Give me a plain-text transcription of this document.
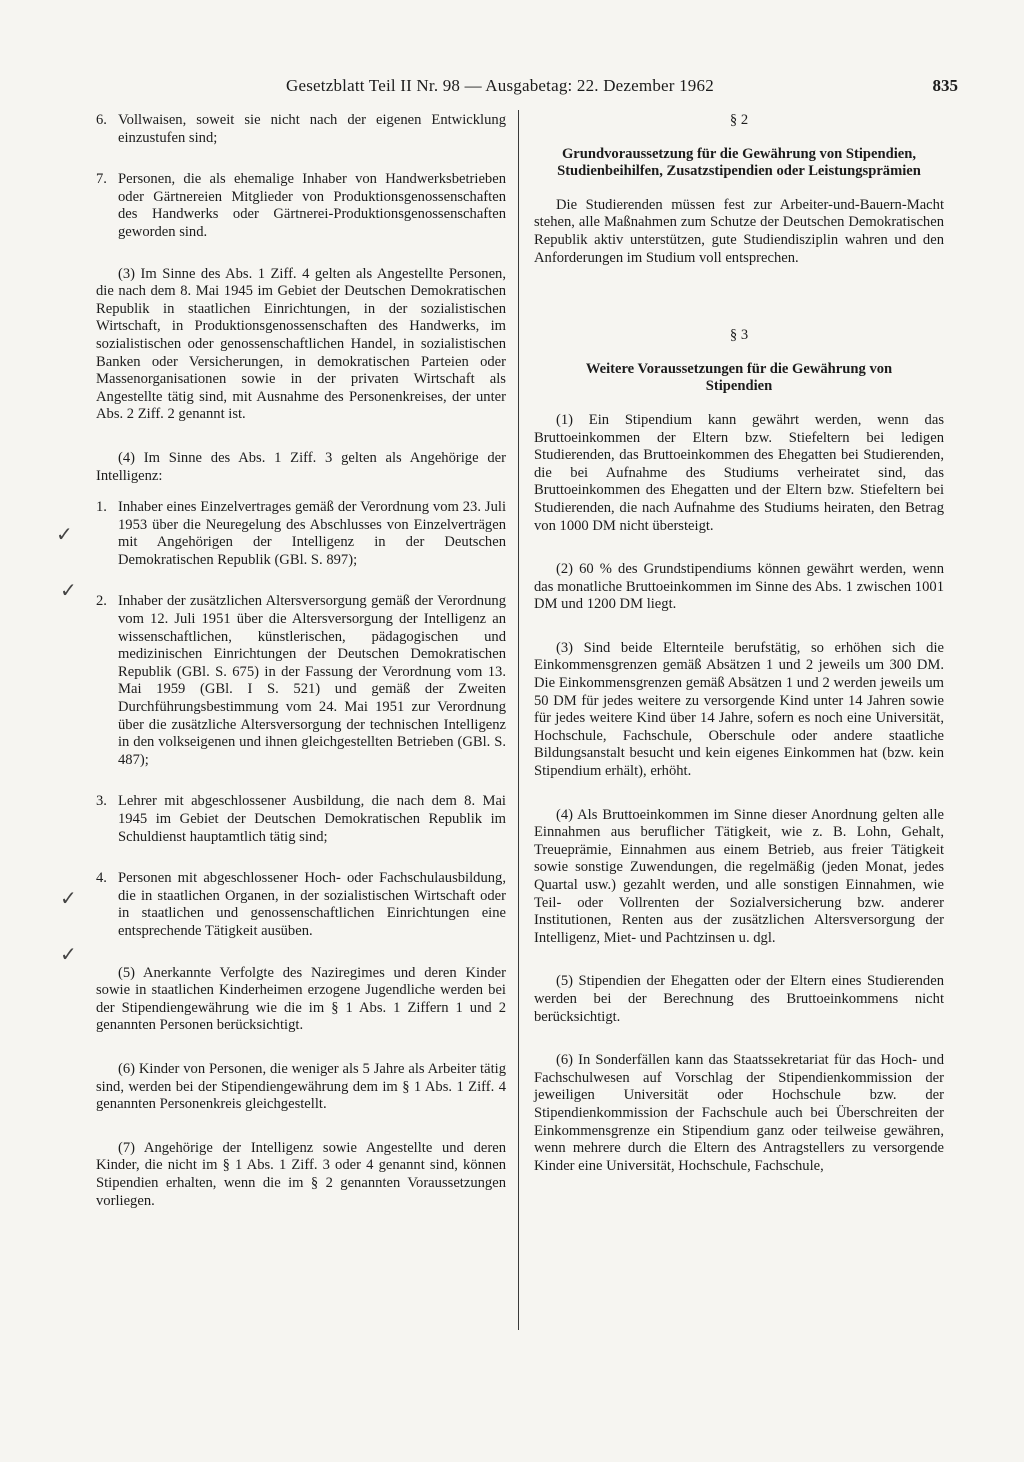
Gesetzblatt Teil II Nr. 98 — Ausgabetag: 22. Dezember 1962	835
✓
✓
✓
✓
6. Vollwaisen, soweit sie nicht nach der eigenen Entwicklung einzustufen sind;
7. Personen, die als ehemalige Inhaber von Handwerksbetrieben oder Gärtnereien Mitglieder von Produktionsgenossenschaften des Handwerks oder Gärtnerei-Produktionsgenossenschaften geworden sind.

(3) Im Sinne des Abs. 1 Ziff. 4 gelten als Angestellte Personen, die nach dem 8. Mai 1945 im Gebiet der Deutschen Demokratischen Republik in staatlichen Einrichtungen, in der sozialistischen Wirtschaft, in Produktionsgenossenschaften des Handwerks, im sozialistischen oder genossenschaftlichen Handel, in sozialistischen Banken oder Versicherungen, in demokratischen Parteien oder Massenorganisationen sowie in der privaten Wirtschaft als Angestellte tätig sind, mit Ausnahme des Personenkreises, der unter Abs. 2 Ziff. 2 genannt ist.

(4) Im Sinne des Abs. 1 Ziff. 3 gelten als Angehörige der Intelligenz:

1. Inhaber eines Einzelvertrages gemäß der Verordnung vom 23. Juli 1953 über die Neuregelung des Abschlusses von Einzelverträgen mit Angehörigen der Intelligenz in der Deutschen Demokratischen Republik (GBl. S. 897);
2. Inhaber der zusätzlichen Altersversorgung gemäß der Verordnung vom 12. Juli 1951 über die Altersversorgung der Intelligenz an wissenschaftlichen, künstlerischen, pädagogischen und medizinischen Einrichtungen der Deutschen Demokratischen Republik (GBl. S. 675) in der Fassung der Verordnung vom 13. Mai 1959 (GBl. I S. 521) und gemäß der Zweiten Durchführungsbestimmung vom 24. Mai 1951 zur Verordnung über die zusätzliche Altersversorgung der technischen Intelligenz in den volkseigenen und ihnen gleichgestellten Betrieben (GBl. S. 487);
3. Lehrer mit abgeschlossener Ausbildung, die nach dem 8. Mai 1945 im Gebiet der Deutschen Demokratischen Republik im Schuldienst hauptamtlich tätig sind;
4. Personen mit abgeschlossener Hoch- oder Fachschulausbildung, die in staatlichen Organen, in der sozialistischen Wirtschaft oder in staatlichen und genossenschaftlichen Einrichtungen eine entsprechende Tätigkeit ausüben.

(5) Anerkannte Verfolgte des Naziregimes und deren Kinder sowie in staatlichen Kinderheimen erzogene Jugendliche werden bei der Stipendiengewährung wie die im § 1 Abs. 1 Ziffern 1 und 2 genannten Personen berücksichtigt.

(6) Kinder von Personen, die weniger als 5 Jahre als Arbeiter tätig sind, werden bei der Stipendiengewährung dem im § 1 Abs. 1 Ziff. 4 genannten Personenkreis gleichgestellt.

(7) Angehörige der Intelligenz sowie Angestellte und deren Kinder, die nicht im § 1 Abs. 1 Ziff. 3 oder 4 genannt sind, können Stipendien erhalten, wenn die im § 2 genannten Voraussetzungen vorliegen.

§ 2
Grundvoraussetzung für die Gewährung von Stipendien, Studienbeihilfen, Zusatzstipendien oder Leistungsprämien

Die Studierenden müssen fest zur Arbeiter-und-Bauern-Macht stehen, alle Maßnahmen zum Schutze der Deutschen Demokratischen Republik aktiv unterstützen, gute Studiendisziplin wahren und den Anforderungen im Studium voll entsprechen.

§ 3
Weitere Voraussetzungen für die Gewährung von Stipendien

(1) Ein Stipendium kann gewährt werden, wenn das Bruttoeinkommen der Eltern bzw. Stiefeltern bei ledigen Studierenden, das Bruttoeinkommen des Ehegatten bei Studierenden, die bei Aufnahme des Studiums verheiratet sind, das Bruttoeinkommen des Ehegatten und der Eltern bzw. Stiefeltern bei Studierenden, die nach Aufnahme des Studiums heiraten, den Betrag von 1000 DM nicht übersteigt.

(2) 60 % des Grundstipendiums können gewährt werden, wenn das monatliche Bruttoeinkommen im Sinne des Abs. 1 zwischen 1001 DM und 1200 DM liegt.

(3) Sind beide Elternteile berufstätig, so erhöhen sich die Einkommensgrenzen gemäß Absätzen 1 und 2 jeweils um 300 DM. Die Einkommensgrenzen gemäß Absätzen 1 und 2 werden jeweils um 50 DM für jedes weitere zu versorgende Kind unter 14 Jahren sowie für jedes weitere Kind über 14 Jahre, sofern es noch eine Universität, Hochschule, Fachschule, Oberschule oder andere staatliche Bildungsanstalt besucht und kein eigenes Einkommen hat (bzw. kein Stipendium erhält), erhöht.

(4) Als Bruttoeinkommen im Sinne dieser Anordnung gelten alle Einnahmen aus beruflicher Tätigkeit, wie z. B. Lohn, Gehalt, Treueprämie, Einnahmen aus einem Betrieb, aus freier Tätigkeit sowie sonstige Zuwendungen, die regelmäßig (jeden Monat, jedes Quartal usw.) gezahlt werden, und alle sonstigen Einnahmen, wie Teil- oder Vollrenten der Sozialversicherung bzw. anderer Institutionen, Renten aus der zusätzlichen Altersversorgung der Intelligenz, Miet- und Pachtzinsen u. dgl.

(5) Stipendien der Ehegatten oder der Eltern eines Studierenden werden bei der Berechnung des Bruttoeinkommens nicht berücksichtigt.

(6) In Sonderfällen kann das Staatssekretariat für das Hoch- und Fachschulwesen auf Vorschlag der Stipendienkommission der jeweiligen Universität oder Hochschule bzw. der Stipendienkommission der Fachschule auch bei Überschreiten der Einkommensgrenze ein Stipendium ganz oder teilweise gewähren, wenn mehrere durch die Eltern des Antragstellers zu versorgende Kinder eine Universität, Hochschule, Fachschule,
